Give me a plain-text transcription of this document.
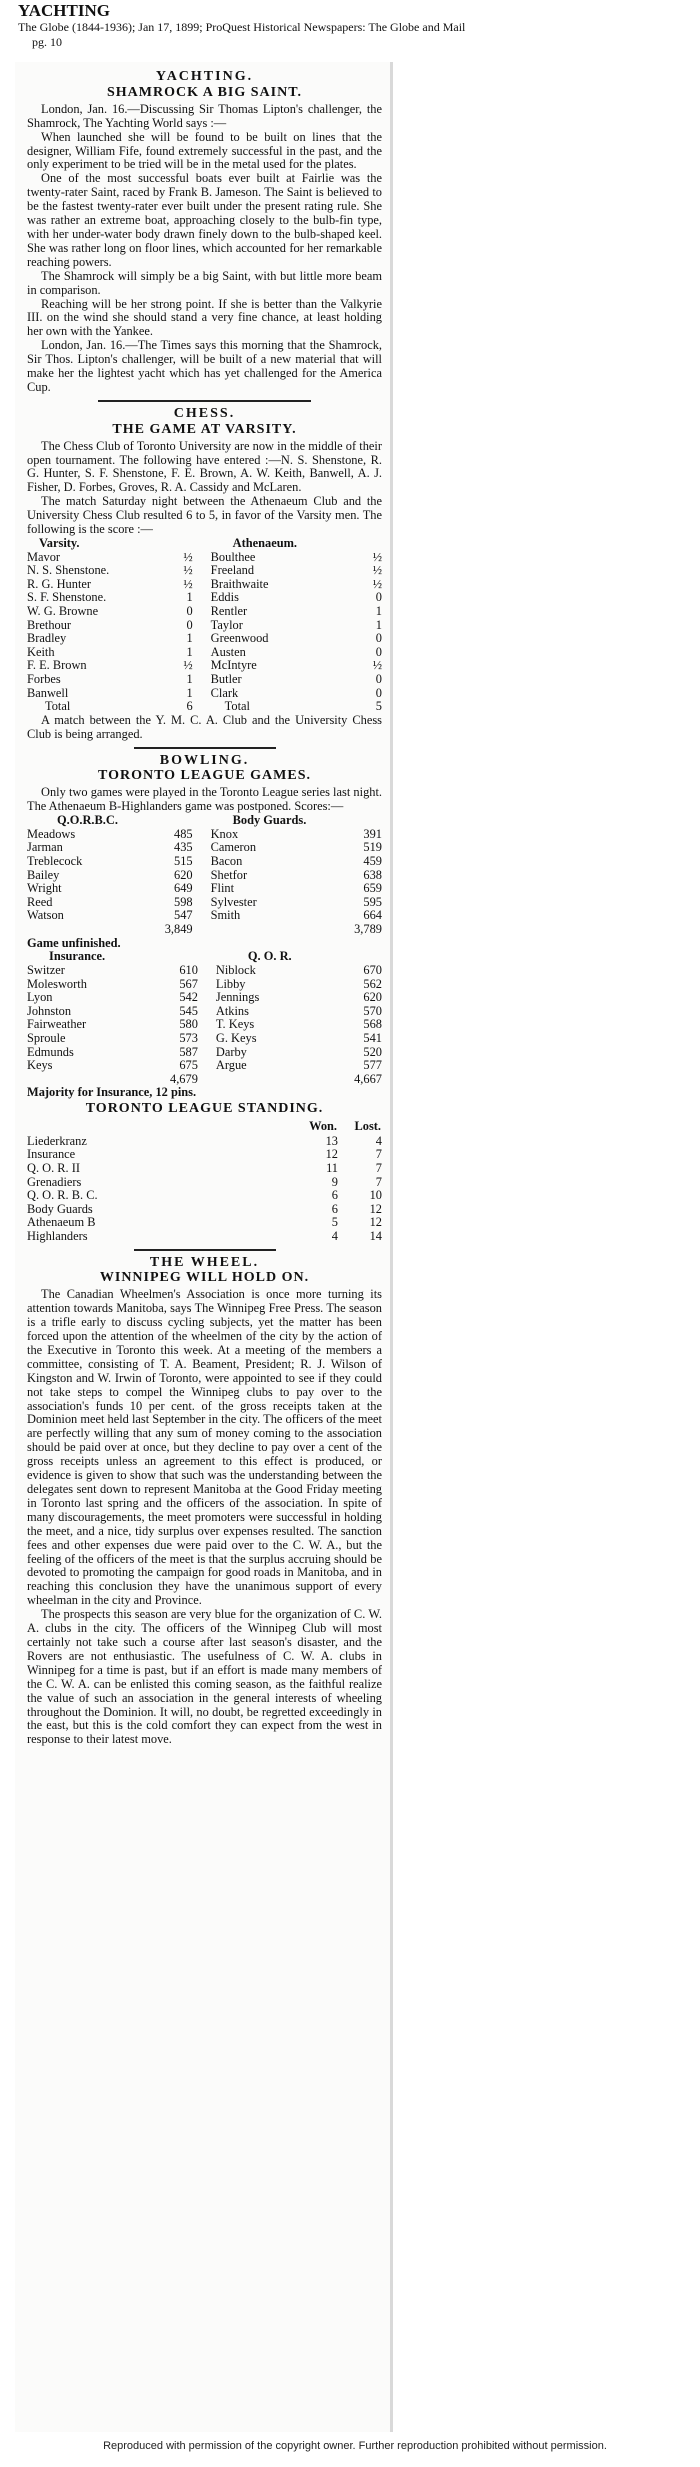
YACHTING
The Globe (1844-1936); Jan 17, 1899; ProQuest Historical Newspapers: The Globe and Mail
pg. 10
YACHTING.
SHAMROCK A BIG SAINT.

London, Jan. 16.—Discussing Sir Thomas Lipton's challenger, the Shamrock, The Yachting World says :—

When launched she will be found to be built on lines that the designer, William Fife, found extremely successful in the past, and the only experiment to be tried will be in the metal used for the plates.

One of the most successful boats ever built at Fairlie was the twenty-rater Saint, raced by Frank B. Jameson. The Saint is believed to be the fastest twenty-rater ever built under the present rating rule. She was rather an extreme boat, approaching closely to the bulb-fin type, with her under-water body drawn finely down to the bulb-shaped keel. She was rather long on floor lines, which accounted for her remarkable reaching powers.

The Shamrock will simply be a big Saint, with but little more beam in comparison.

Reaching will be her strong point. If she is better than the Valkyrie III. on the wind she should stand a very fine chance, at least holding her own with the Yankee.

London, Jan. 16.—The Times says this morning that the Shamrock, Sir Thos. Lipton's challenger, will be built of a new material that will make her the lightest yacht which has yet challenged for the America Cup.

CHESS.
THE GAME AT VARSITY.

The Chess Club of Toronto University are now in the middle of their open tournament. The following have entered :—N. S. Shenstone, R. G. Hunter, S. F. Shenstone, F. E. Brown, A. W. Keith, Banwell, A. J. Fisher, D. Forbes, Groves, R. A. Cassidy and McLaren.

The match Saturday night between the Athenaeum Club and the University Chess Club resulted 6 to 5, in favor of the Varsity men. The following is the score :—

Varsity.		Athenaeum.	
Mavor	½	Boulthee	½
N. S. Shenstone.	½	Freeland	½
R. G. Hunter	½	Braithwaite	½
S. F. Shenstone.	1	Eddis	0
W. G. Browne	0	Rentler	1
Brethour	0	Taylor	1
Bradley	1	Greenwood	0
Keith	1	Austen	0
F. E. Brown	½	McIntyre	½
Forbes	1	Butler	0
Banwell	1	Clark	0
Total	6	Total	5

A match between the Y. M. C. A. Club and the University Chess Club is being arranged.

BOWLING.
TORONTO LEAGUE GAMES.

Only two games were played in the Toronto League series last night. The Athenaeum B-Highlanders game was postponed. Scores:—

Q.O.R.B.C.		Body Guards.	
Meadows	485	Knox	391
Jarman	435	Cameron	519
Treblecock	515	Bacon	459
Bailey	620	Shetfor	638
Wright	649	Flint	659
Reed	598	Sylvester	595
Watson	547	Smith	664
	3,849		3,789
Game unfinished.
Insurance.		Q. O. R.	
Switzer	610	Niblock	670
Molesworth	567	Libby	562
Lyon	542	Jennings	620
Johnston	545	Atkins	570
Fairweather	580	T. Keys	568
Sproule	573	G. Keys	541
Edmunds	587	Darby	520
Keys	675	Argue	577
	4,679		4,667
Majority for Insurance, 12 pins.
TORONTO LEAGUE STANDING.
	Won.	Lost.
Liederkranz	13	4
Insurance	12	7
Q. O. R. II	11	7
Grenadiers	9	7
Q. O. R. B. C.	6	10
Body Guards	6	12
Athenaeum B	5	12
Highlanders	4	14
THE WHEEL.
WINNIPEG WILL HOLD ON.

The Canadian Wheelmen's Association is once more turning its attention towards Manitoba, says The Winnipeg Free Press. The season is a trifle early to discuss cycling subjects, yet the matter has been forced upon the attention of the wheelmen of the city by the action of the Executive in Toronto this week. At a meeting of the members a committee, consisting of T. A. Beament, President; R. J. Wilson of Kingston and W. Irwin of Toronto, were appointed to see if they could not take steps to compel the Winnipeg clubs to pay over to the association's funds 10 per cent. of the gross receipts taken at the Dominion meet held last September in the city. The officers of the meet are perfectly willing that any sum of money coming to the association should be paid over at once, but they decline to pay over a cent of the gross receipts unless an agreement to this effect is produced, or evidence is given to show that such was the understanding between the delegates sent down to represent Manitoba at the Good Friday meeting in Toronto last spring and the officers of the association. In spite of many discouragements, the meet promoters were successful in holding the meet, and a nice, tidy surplus over expenses resulted. The sanction fees and other expenses due were paid over to the C. W. A., but the feeling of the officers of the meet is that the surplus accruing should be devoted to promoting the campaign for good roads in Manitoba, and in reaching this conclusion they have the unanimous support of every wheelman in the city and Province.

The prospects this season are very blue for the organization of C. W. A. clubs in the city. The officers of the Winnipeg Club will most certainly not take such a course after last season's disaster, and the Rovers are not enthusiastic. The usefulness of C. W. A. clubs in Winnipeg for a time is past, but if an effort is made many members of the C. W. A. can be enlisted this coming season, as the faithful realize the value of such an association in the general interests of wheeling throughout the Dominion. It will, no doubt, be regretted exceedingly in the east, but this is the cold comfort they can expect from the west in response to their latest move.

Reproduced with permission of the copyright owner. Further reproduction prohibited without permission.
